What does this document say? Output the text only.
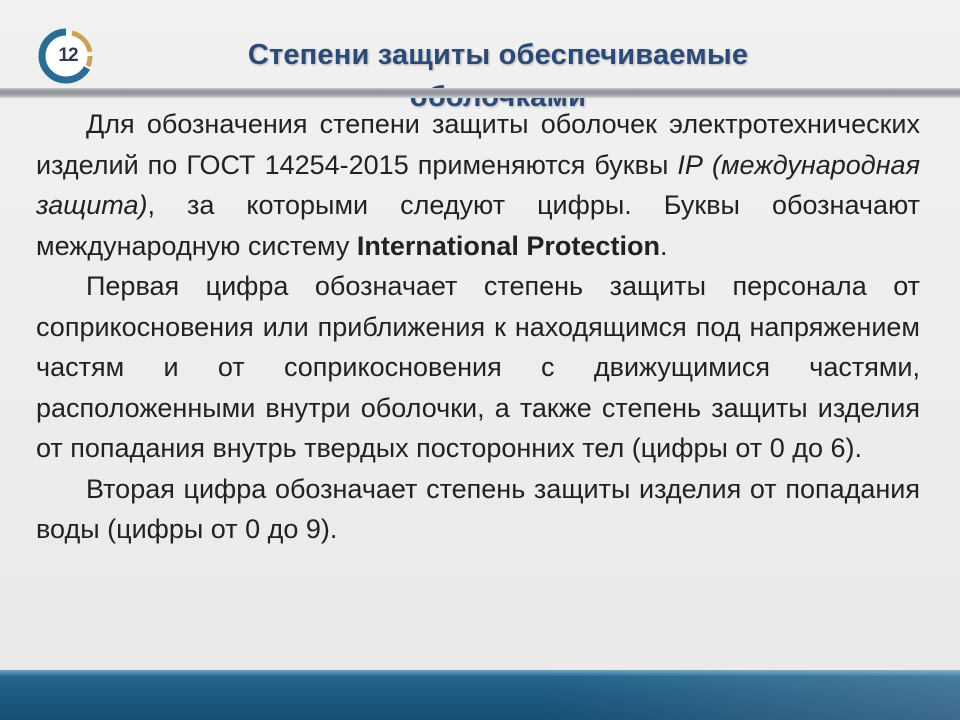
12	Степени защиты обеспечиваемые

Для обозначения степени защиты оболочек электротехнических изделий по ГОСТ 14254-2015 применяются буквы IP (международная защита), за которыми следуют цифры. Буквы обозначают международную систему International Protection.

Первая цифра обозначает степень защиты персонала от соприкосновения или приближения к находящимся под напряжением частям и от соприкосновения с движущимися частями, расположенными внутри оболочки, а также степень защиты изделия от попадания внутрь твердых посторонних тел (цифры от 0 до 6).

Вторая цифра обозначает степень защиты изделия от попадания воды (цифры от 0 до 9).
